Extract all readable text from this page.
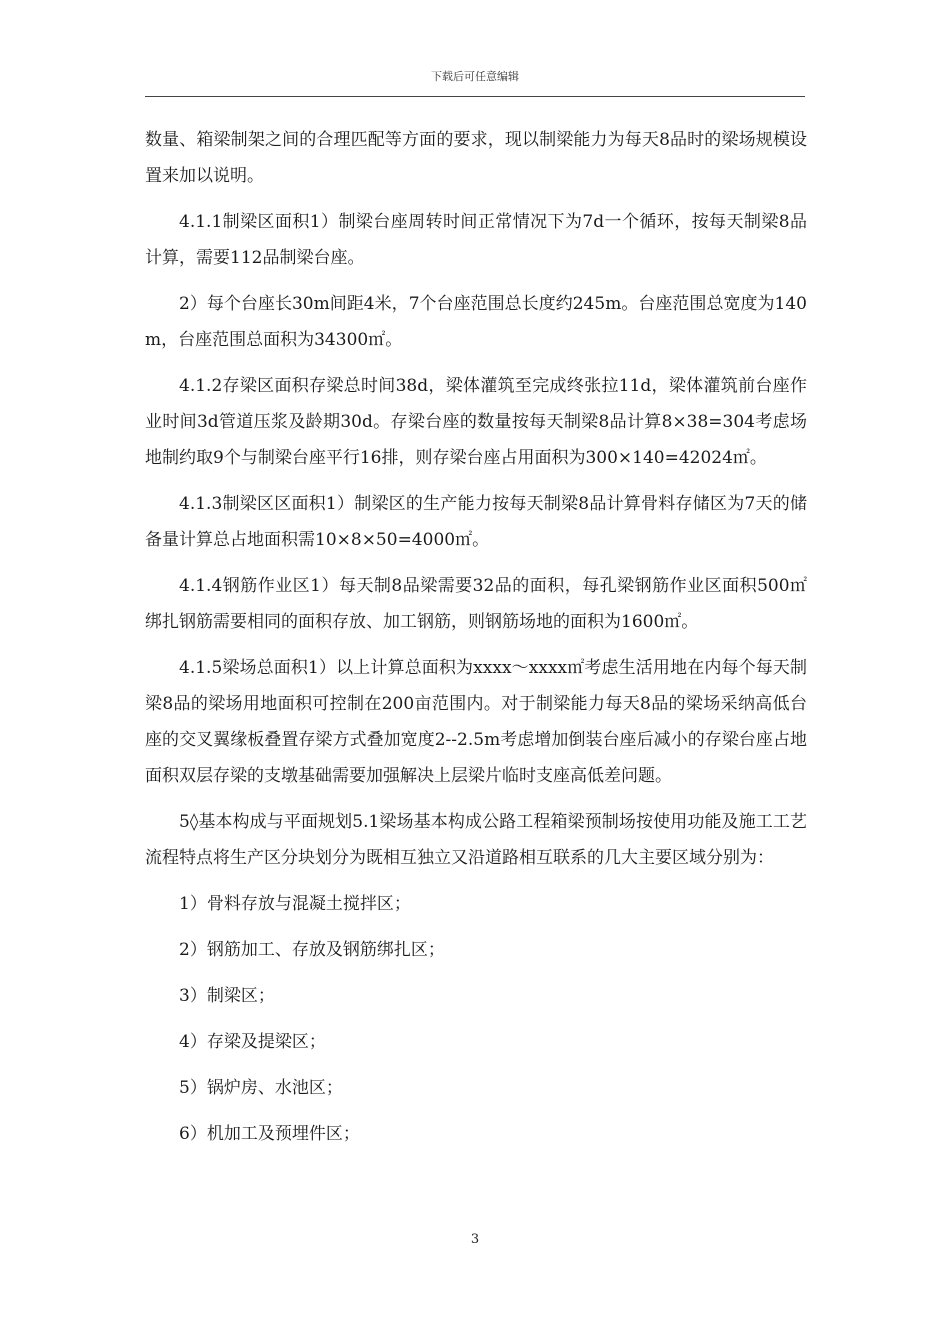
下载后可任意编辑

数量、箱梁制架之间的合理匹配等方面的要求，现以制梁能力为每天8品时的梁场规模设置来加以说明。

4.1.1制梁区面积1）制梁台座周转时间正常情况下为7d一个循环，按每天制梁8品计算，需要112品制梁台座。

2）每个台座长30m间距4米，7个台座范围总长度约245m。台座范围总宽度为140m，台座范围总面积为34300㎡。

4.1.2存梁区面积存梁总时间38d，梁体灌筑至完成终张拉11d，梁体灌筑前台座作业时间3d管道压浆及龄期30d。存梁台座的数量按每天制梁8品计算8×38=304考虑场地制约取9个与制梁台座平行16排，则存梁台座占用面积为300×140=42024㎡。

4.1.3制梁区区面积1）制梁区的生产能力按每天制梁8品计算骨料存储区为7天的储备量计算总占地面积需10×8×50=4000㎡。

4.1.4钢筋作业区1）每天制8品梁需要32品的面积，每孔梁钢筋作业区面积500㎡绑扎钢筋需要相同的面积存放、加工钢筋，则钢筋场地的面积为1600㎡。

4.1.5梁场总面积1）以上计算总面积为xxxx～xxxx㎡考虑生活用地在内每个每天制梁8品的梁场用地面积可控制在200亩范围内。对于制梁能力每天8品的梁场采纳高低台座的交叉翼缘板叠置存梁方式叠加宽度2--2.5m考虑增加倒装台座后减小的存梁台座占地面积双层存梁的支墩基础需要加强解决上层梁片临时支座高低差问题。

5◊基本构成与平面规划5.1梁场基本构成公路工程箱梁预制场按使用功能及施工工艺流程特点将生产区分块划分为既相互独立又沿道路相互联系的几大主要区域分别为：

1）骨料存放与混凝土搅拌区；

2）钢筋加工、存放及钢筋绑扎区；

3）制梁区；

4）存梁及提梁区；

5）锅炉房、水池区；

6）机加工及预埋件区；

3
